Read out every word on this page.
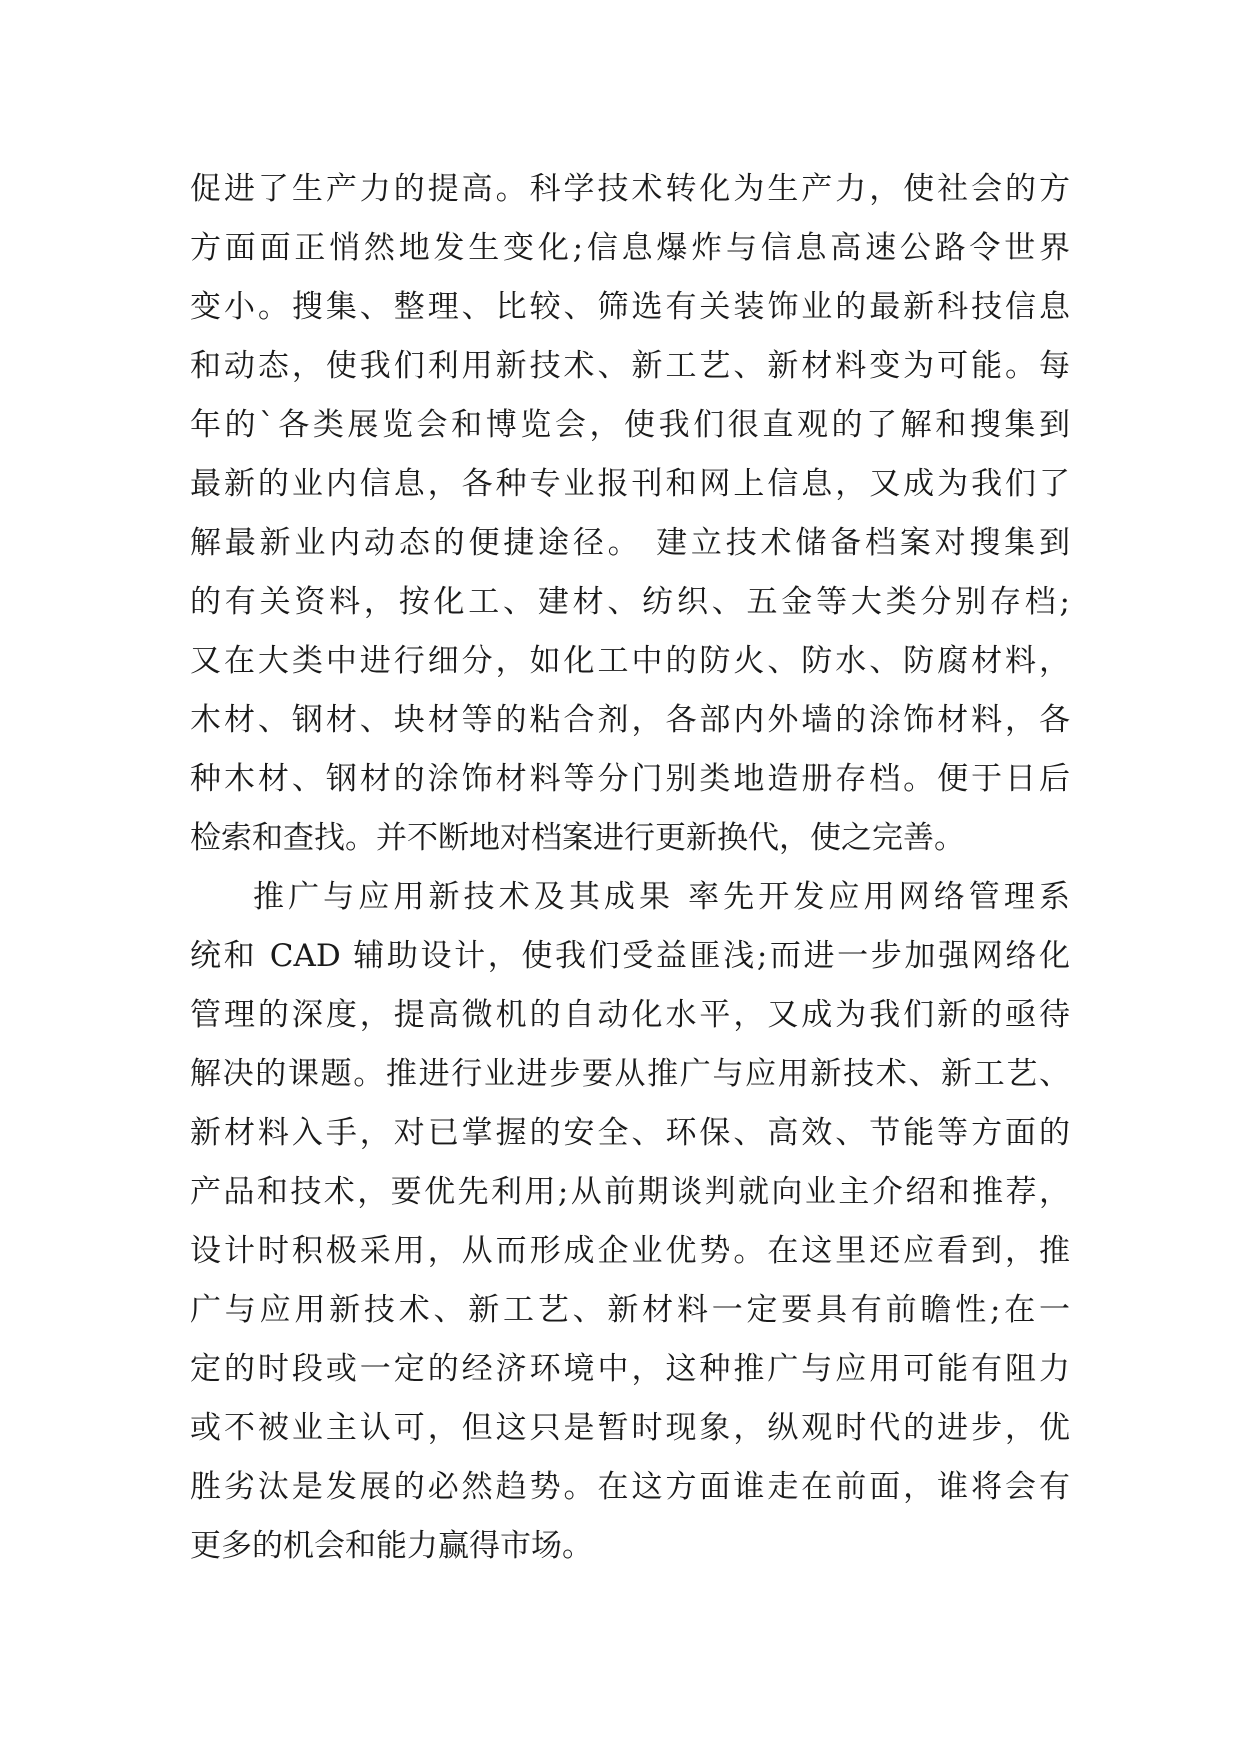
促进了生产力的提高。科学技术转化为生产力，使社会的方
方面面正悄然地发生变化;信息爆炸与信息高速公路令世界
变小。搜集、整理、比较、筛选有关装饰业的最新科技信息
和动态，使我们利用新技术、新工艺、新材料变为可能。每
年的`各类展览会和博览会，使我们很直观的了解和搜集到
最新的业内信息，各种专业报刊和网上信息，又成为我们了
解最新业内动态的便捷途径。 建立技术储备档案对搜集到
的有关资料，按化工、建材、纺织、五金等大类分别存档;
又在大类中进行细分，如化工中的防火、防水、防腐材料，
木材、钢材、块材等的粘合剂，各部内外墙的涂饰材料，各
种木材、钢材的涂饰材料等分门别类地造册存档。便于日后
检索和查找。并不断地对档案进行更新换代，使之完善。
推广与应用新技术及其成果 率先开发应用网络管理系
统和 CAD 辅助设计，使我们受益匪浅;而进一步加强网络化
管理的深度，提高微机的自动化水平，又成为我们新的亟待
解决的课题。推进行业进步要从推广与应用新技术、新工艺、
新材料入手，对已掌握的安全、环保、高效、节能等方面的
产品和技术，要优先利用;从前期谈判就向业主介绍和推荐，
设计时积极采用，从而形成企业优势。在这里还应看到，推
广与应用新技术、新工艺、新材料一定要具有前瞻性;在一
定的时段或一定的经济环境中，这种推广与应用可能有阻力
或不被业主认可，但这只是暂时现象，纵观时代的进步，优
胜劣汰是发展的必然趋势。在这方面谁走在前面，谁将会有
更多的机会和能力赢得市场。
